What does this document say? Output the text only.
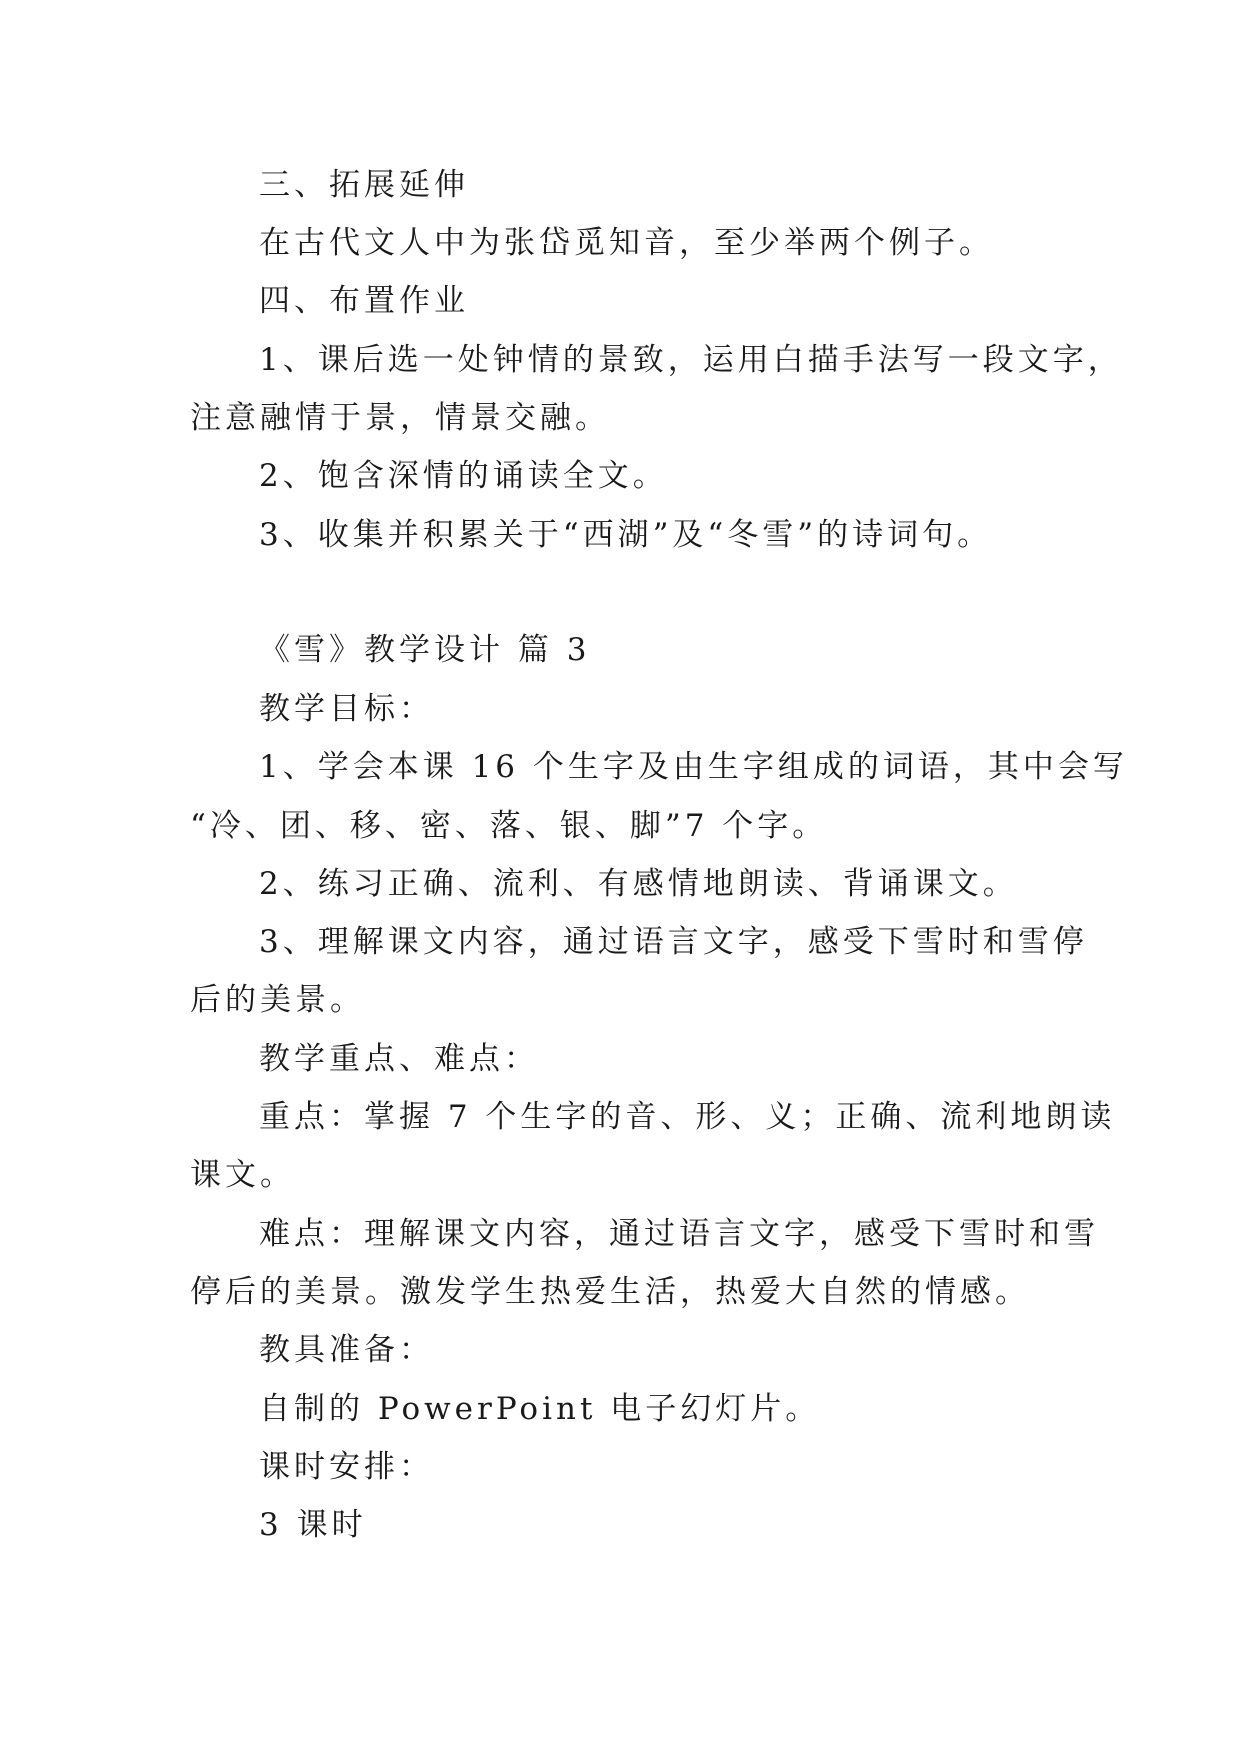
三、拓展延伸
在古代文人中为张岱觅知音，至少举两个例子。
四、布置作业
1、课后选一处钟情的景致，运用白描手法写一段文字，
注意融情于景，情景交融。
2、饱含深情的诵读全文。
3、收集并积累关于“西湖”及“冬雪”的诗词句。
《雪》教学设计 篇 3
教学目标：
1、学会本课 16 个生字及由生字组成的词语，其中会写
“冷、团、移、密、落、银、脚”7 个字。
2、练习正确、流利、有感情地朗读、背诵课文。
3、理解课文内容，通过语言文字，感受下雪时和雪停
后的美景。
教学重点、难点：
重点：掌握 7 个生字的音、形、义；正确、流利地朗读
课文。
难点：理解课文内容，通过语言文字，感受下雪时和雪
停后的美景。激发学生热爱生活，热爱大自然的情感。
教具准备：
自制的 PowerPoint 电子幻灯片。
课时安排：
3 课时
